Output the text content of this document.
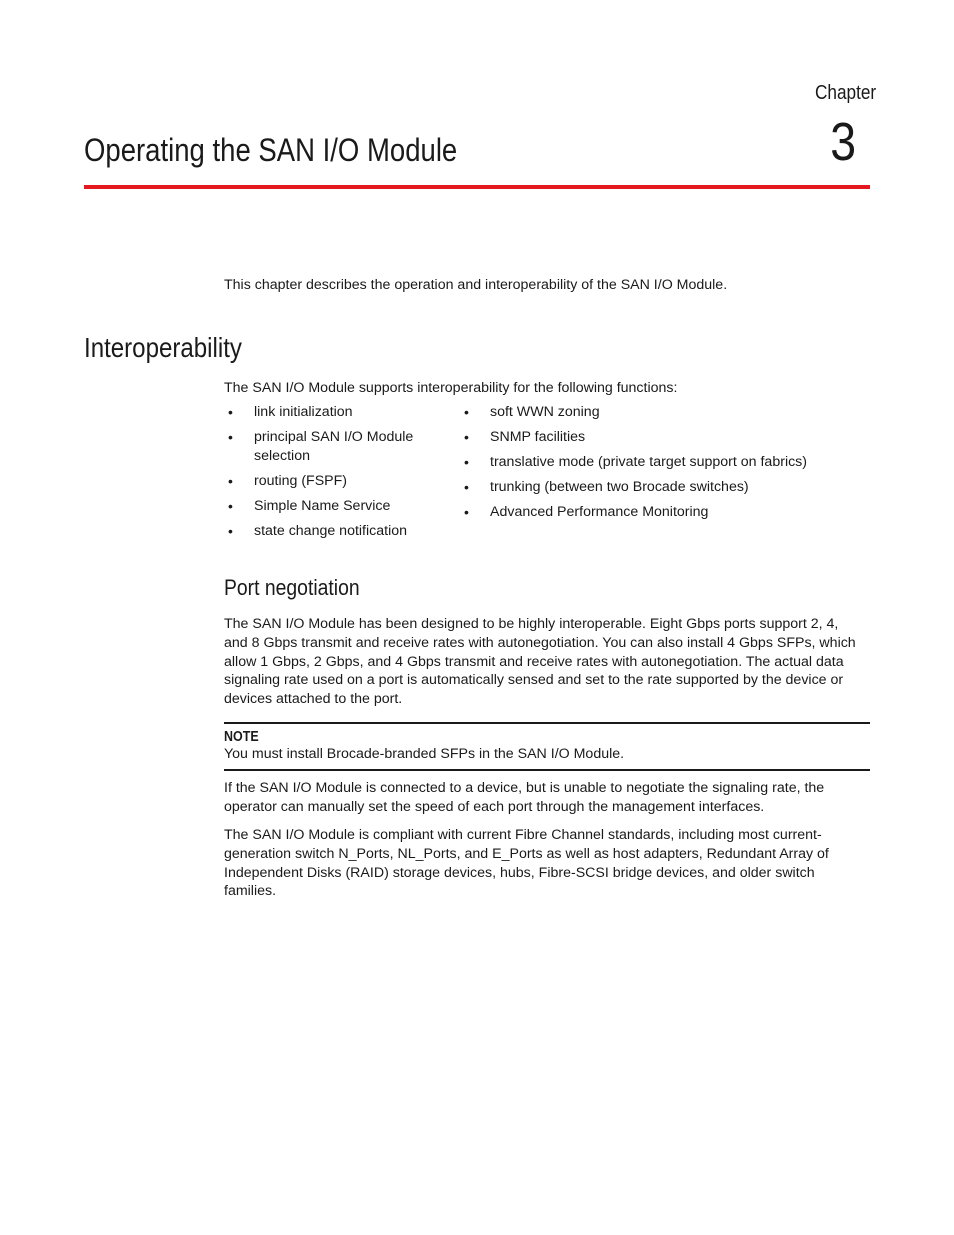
Chapter
3
Operating the SAN I/O Module

This chapter describes the operation and interoperability of the SAN I/O Module.

Interoperability

The SAN I/O Module supports interoperability for the following functions:

• link initialization
• principal SAN I/O Module selection
• routing (FSPF)
• Simple Name Service
• state change notification
• soft WWN zoning
• SNMP facilities
• translative mode (private target support on fabrics)
• trunking (between two Brocade switches)
• Advanced Performance Monitoring
Port negotiation

The SAN I/O Module has been designed to be highly interoperable. Eight Gbps ports support 2, 4, and 8 Gbps transmit and receive rates with autonegotiation. You can also install 4 Gbps SFPs, which allow 1 Gbps, 2 Gbps, and 4 Gbps transmit and receive rates with autonegotiation. The actual data signaling rate used on a port is automatically sensed and set to the rate supported by the device or devices attached to the port.

NOTE
You must install Brocade-branded SFPs in the SAN I/O Module.

If the SAN I/O Module is connected to a device, but is unable to negotiate the signaling rate, the operator can manually set the speed of each port through the management interfaces.

The SAN I/O Module is compliant with current Fibre Channel standards, including most current-generation switch N_Ports, NL_Ports, and E_Ports as well as host adapters, Redundant Array of Independent Disks (RAID) storage devices, hubs, Fibre-SCSI bridge devices, and older switch families.
